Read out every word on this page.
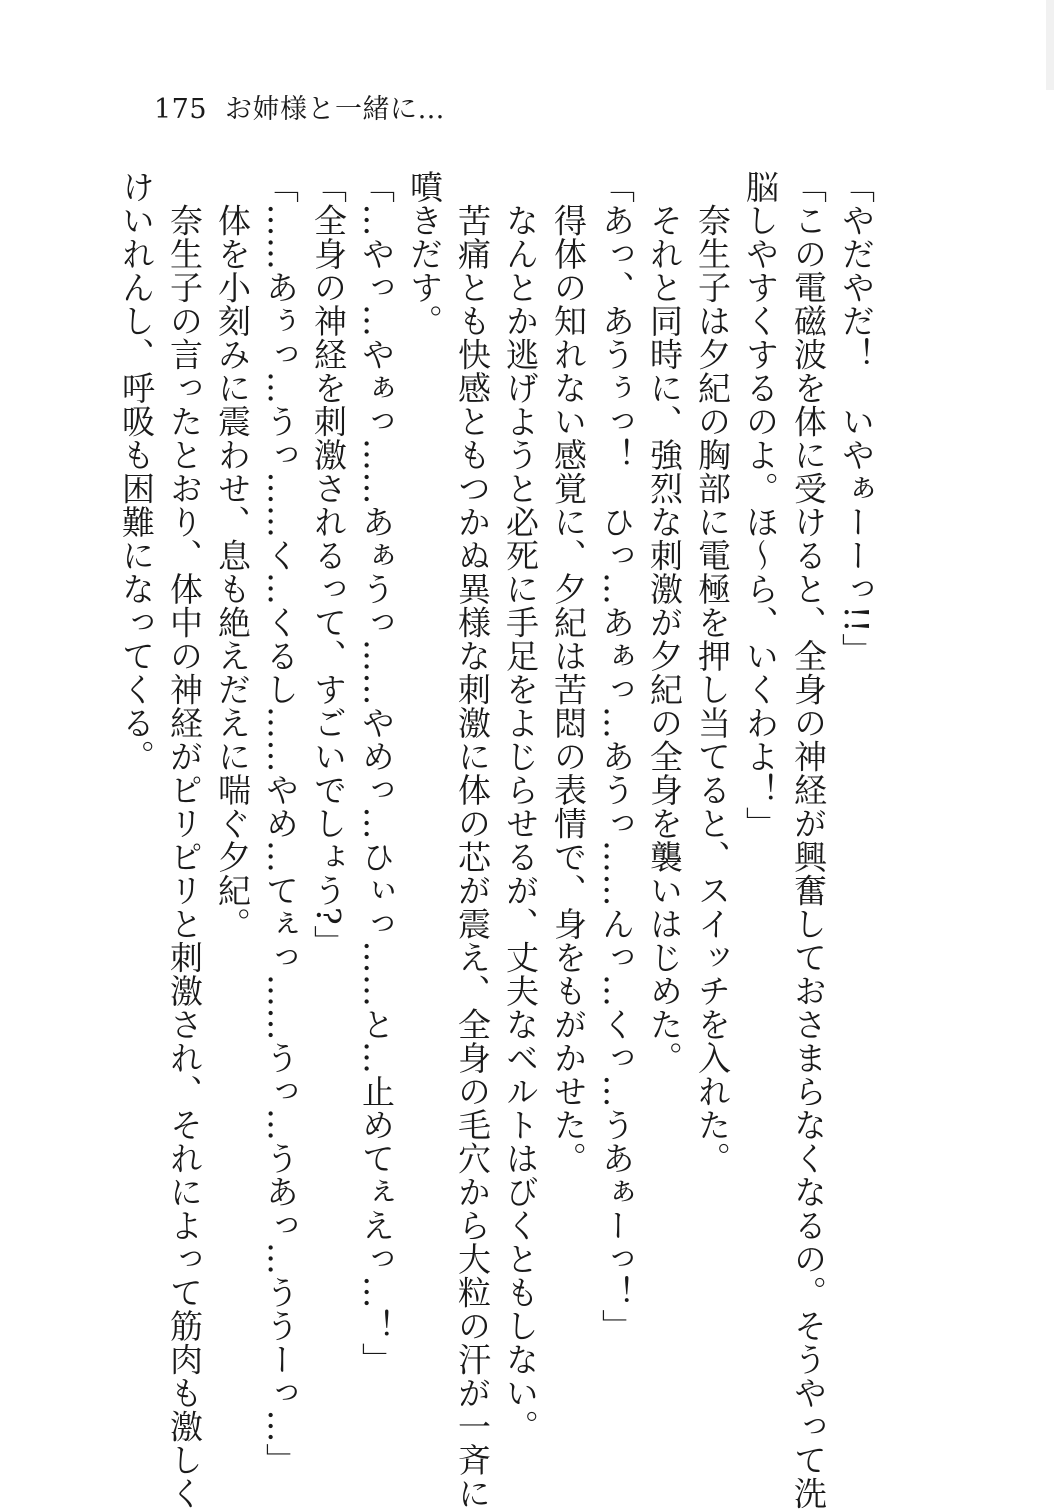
175 お姉様と一緒に…

「やだやだ！　いやぁーーっ!!」

「この電磁波を体に受けると、全身の神経が興奮しておさまらなくなるの。そうやって洗

脳しやすくするのよ。ほ～ら、いくわよ！」

　奈生子は夕紀の胸部に電極を押し当てると、スイッチを入れた。

　それと同時に、強烈な刺激が夕紀の全身を襲いはじめた。

「あっ、あうぅっ！　ひっ…あぁっ…あうっ……んっ…くっ…うあぁーっ！」

　得体の知れない感覚に、夕紀は苦悶の表情で、身をもがかせた。

　なんとか逃げようと必死に手足をよじらせるが、丈夫なベルトはびくともしない。

　苦痛とも快感ともつかぬ異様な刺激に体の芯が震え、全身の毛穴から大粒の汗が一斉に

噴きだす。

「…やっ…やぁっ……あぁうっ……やめっ…ひぃっ……と…止めてぇえっ…！」

「全身の神経を刺激されるって、すごいでしょう?」

「……あぅっ…うっ……く…くるし……やめ…てぇっ……うっ…うあっ…ううーっ…」

　体を小刻みに震わせ、息も絶えだえに喘ぐ夕紀。

　奈生子の言ったとおり、体中の神経がピリピリと刺激され、それによって筋肉も激しく

けいれんし、呼吸も困難になってくる。
